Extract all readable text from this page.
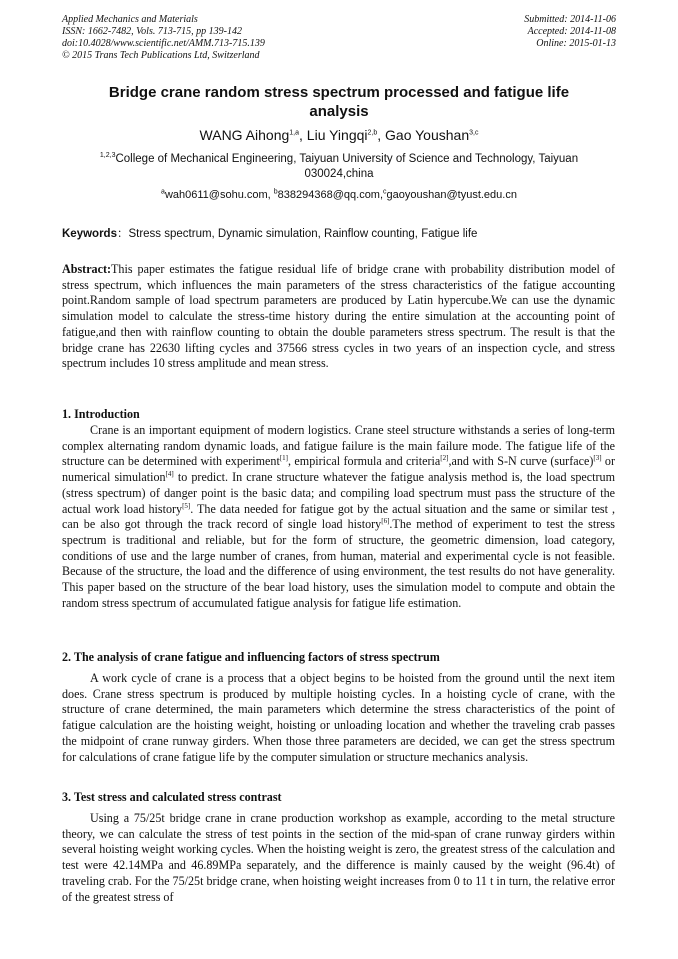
Applied Mechanics and Materials
ISSN: 1662-7482, Vols. 713-715, pp 139-142
doi:10.4028/www.scientific.net/AMM.713-715.139
© 2015 Trans Tech Publications Ltd, Switzerland
Submitted: 2014-11-06
Accepted: 2014-11-08
Online: 2015-01-13
Bridge crane random stress spectrum processed and fatigue life analysis
WANG Aihong$^{1,a}$, Liu Yingqi$^{2,b}$, Gao Youshan$^{3,c}$
$^{1,2,3}$College of Mechanical Engineering, Taiyuan University of Science and Technology, Taiyuan 030024,china
$^a$wah0611@sohu.com, $^b$838294368@qq.com,$^c$gaoyoushan@tyust.edu.cn
Keywords：Stress spectrum, Dynamic simulation, Rainflow counting, Fatigue life
Abstract:This paper estimates the fatigue residual life of bridge crane with probability distribution model of stress spectrum, which influences the main parameters of the stress characteristics of the fatigue accounting point.Random sample of load spectrum parameters are produced by Latin hypercube.We can use the dynamic simulation model to calculate the stress-time history during the entire simulation at the accounting point of fatigue,and then with rainflow counting to obtain the double parameters stress spectrum. The result is that the bridge crane has 22630 lifting cycles and 37566 stress cycles in two years of an inspection cycle, and stress spectrum includes 10 stress amplitude and mean stress.
1. Introduction
Crane is an important equipment of modern logistics. Crane steel structure withstands a series of long-term complex alternating random dynamic loads, and fatigue failure is the main failure mode. The fatigue life of the structure can be determined with experiment[1], empirical formula and criteria[2],and with S-N curve (surface)[3] or numerical simulation[4] to predict. In crane structure whatever the fatigue analysis method is, the load spectrum (stress spectrum) of danger point is the basic data; and compiling load spectrum must pass the structure of the actual work load history[5]. The data needed for fatigue got by the actual situation and the same or similar test , can be also got through the track record of single load history[6].The method of experiment to test the stress spectrum is traditional and reliable, but for the form of structure, the geometric dimension, load category, conditions of use and the large number of cranes, from human, material and experimental cycle is not feasible. Because of the structure, the load and the difference of using environment, the test results do not have generality. This paper based on the structure of the bear load history, uses the simulation model to compute and obtain the random stress spectrum of accumulated fatigue analysis for fatigue life estimation.
2. The analysis of crane fatigue and influencing factors of stress spectrum
A work cycle of crane is a process that a object begins to be hoisted from the ground until the next item does. Crane stress spectrum is produced by multiple hoisting cycles. In a hoisting cycle of crane, with the structure of crane determined, the main parameters which determine the stress characteristics of the point of fatigue calculation are the hoisting weight, hoisting or unloading location and whether the traveling crab passes the midpoint of crane runway girders. When those three parameters are decided, we can get the stress spectrum for calculations of crane fatigue life by the computer simulation or structure mechanics analysis.
3. Test stress and calculated stress contrast
Using a 75/25t bridge crane in crane production workshop as example, according to the metal structure theory, we can calculate the stress of test points in the section of the mid-span of crane runway girders within several hoisting weight working cycles. When the hoisting weight is zero, the greatest stress of the calculation and test were 42.14MPa and 46.89MPa separately, and the difference is mainly caused by the weight (96.4t) of traveling crab. For the 75/25t bridge crane, when hoisting weight increases from 0 to 11 t in turn, the relative error of the greatest stress of
